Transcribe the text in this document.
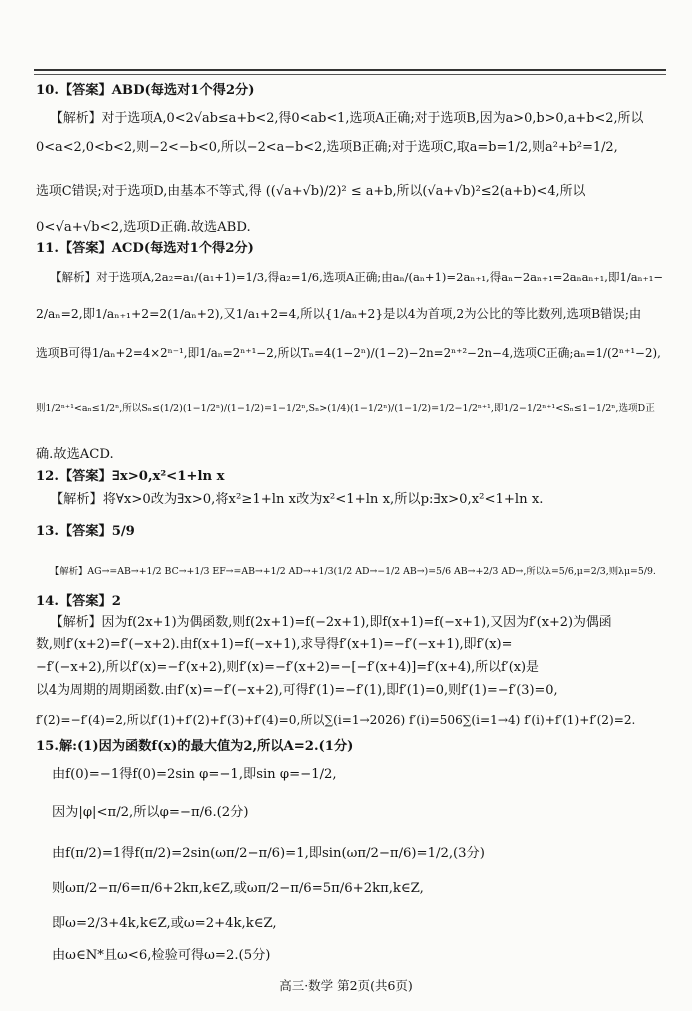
10.【答案】ABD(每选对1个得2分)
【解析】对于选项A,0<2√ab≤a+b<2,得0<ab<1,选项A正确;对于选项B,因为a>0,b>0,a+b<2,所以
0<a<2,0<b<2,则−2<−b<0,所以−2<a−b<2,选项B正确;对于选项C,取a=b=1/2,则a²+b²=1/2,
选项C错误;对于选项D,由基本不等式,得 ((√a+√b)/2)² ≤ a+b,所以(√a+√b)²≤2(a+b)<4,所以
0<√a+√b<2,选项D正确.故选ABD.
11.【答案】ACD(每选对1个得2分)
【解析】对于选项A,2a₂=a₁/(a₁+1)=1/3,得a₂=1/6,选项A正确;由aₙ/(aₙ+1)=2aₙ₊₁,得aₙ−2aₙ₊₁=2aₙaₙ₊₁,即1/aₙ₊₁−
2/aₙ=2,即1/aₙ₊₁+2=2(1/aₙ+2),又1/a₁+2=4,所以{1/aₙ+2}是以4为首项,2为公比的等比数列,选项B错误;由
选项B可得1/aₙ+2=4×2ⁿ⁻¹,即1/aₙ=2ⁿ⁺¹−2,所以Tₙ=4(1−2ⁿ)/(1−2)−2n=2ⁿ⁺²−2n−4,选项C正确;aₙ=1/(2ⁿ⁺¹−2),
则1/2ⁿ⁺¹<aₙ≤1/2ⁿ,所以Sₙ≤(1/2)(1−1/2ⁿ)/(1−1/2)=1−1/2ⁿ,Sₙ>(1/4)(1−1/2ⁿ)/(1−1/2)=1/2−1/2ⁿ⁺¹,即1/2−1/2ⁿ⁺¹<Sₙ≤1−1/2ⁿ,选项D正
确.故选ACD.
12.【答案】∃x>0,x²<1+ln x
【解析】将∀x>0改为∃x>0,将x²≥1+ln x改为x²<1+ln x,所以p:∃x>0,x²<1+ln x.
13.【答案】5/9
【解析】AG→=AB→+1/2 BC→+1/3 EF→=AB→+1/2 AD→+1/3(1/2 AD→−1/2 AB→)=5/6 AB→+2/3 AD→,所以λ=5/6,μ=2/3,则λμ=5/9.
14.【答案】2
【解析】因为f(2x+1)为偶函数,则f(2x+1)=f(−2x+1),即f(x+1)=f(−x+1),又因为f′(x+2)为偶函
数,则f′(x+2)=f′(−x+2).由f(x+1)=f(−x+1),求导得f′(x+1)=−f′(−x+1),即f′(x)=
−f′(−x+2),所以f′(x)=−f′(x+2),则f′(x)=−f′(x+2)=−[−f′(x+4)]=f′(x+4),所以f′(x)是
以4为周期的周期函数.由f′(x)=−f′(−x+2),可得f′(1)=−f′(1),即f′(1)=0,则f′(1)=−f′(3)=0,
f′(2)=−f′(4)=2,所以f′(1)+f′(2)+f′(3)+f′(4)=0,所以∑(i=1→2026) f′(i)=506∑(i=1→4) f′(i)+f′(1)+f′(2)=2.
15.解:(1)因为函数f(x)的最大值为2,所以A=2.(1分)
由f(0)=−1得f(0)=2sin φ=−1,即sin φ=−1/2,
因为|φ|<π/2,所以φ=−π/6.(2分)
由f(π/2)=1得f(π/2)=2sin(ωπ/2−π/6)=1,即sin(ωπ/2−π/6)=1/2,(3分)
则ωπ/2−π/6=π/6+2kπ,k∈Z,或ωπ/2−π/6=5π/6+2kπ,k∈Z,
即ω=2/3+4k,k∈Z,或ω=2+4k,k∈Z,
由ω∈N*且ω<6,检验可得ω=2.(5分)
高三·数学 第2页(共6页)
